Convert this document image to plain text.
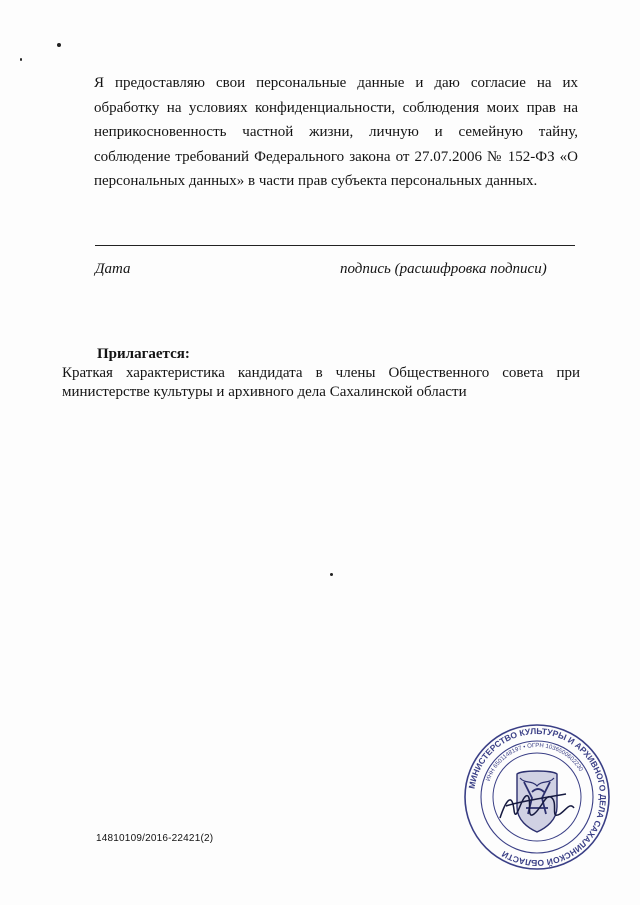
Я предоставляю свои персональные данные и даю согласие на их обработку на условиях конфиденциальности, соблюдения моих прав на неприкосновенность частной жизни, личную и семейную тайну, соблюдение требований Федерального закона от 27.07.2006 № 152-ФЗ «О персональных данных» в части прав субъекта персональных данных.

Дата	подпись (расшифровка подписи)
Прилагается:

Краткая характеристика кандидата в члены Общественного совета при министерстве культуры и архивного дела Сахалинской области

14810109/2016-22421(2)
МИНИСТЕРСТВО КУЛЬТУРЫ И АРХИВНОГО ДЕЛА САХАЛИНСКОЙ ОБЛАСТИ
ИНН 6501148197 • ОГРН 1036500602230
